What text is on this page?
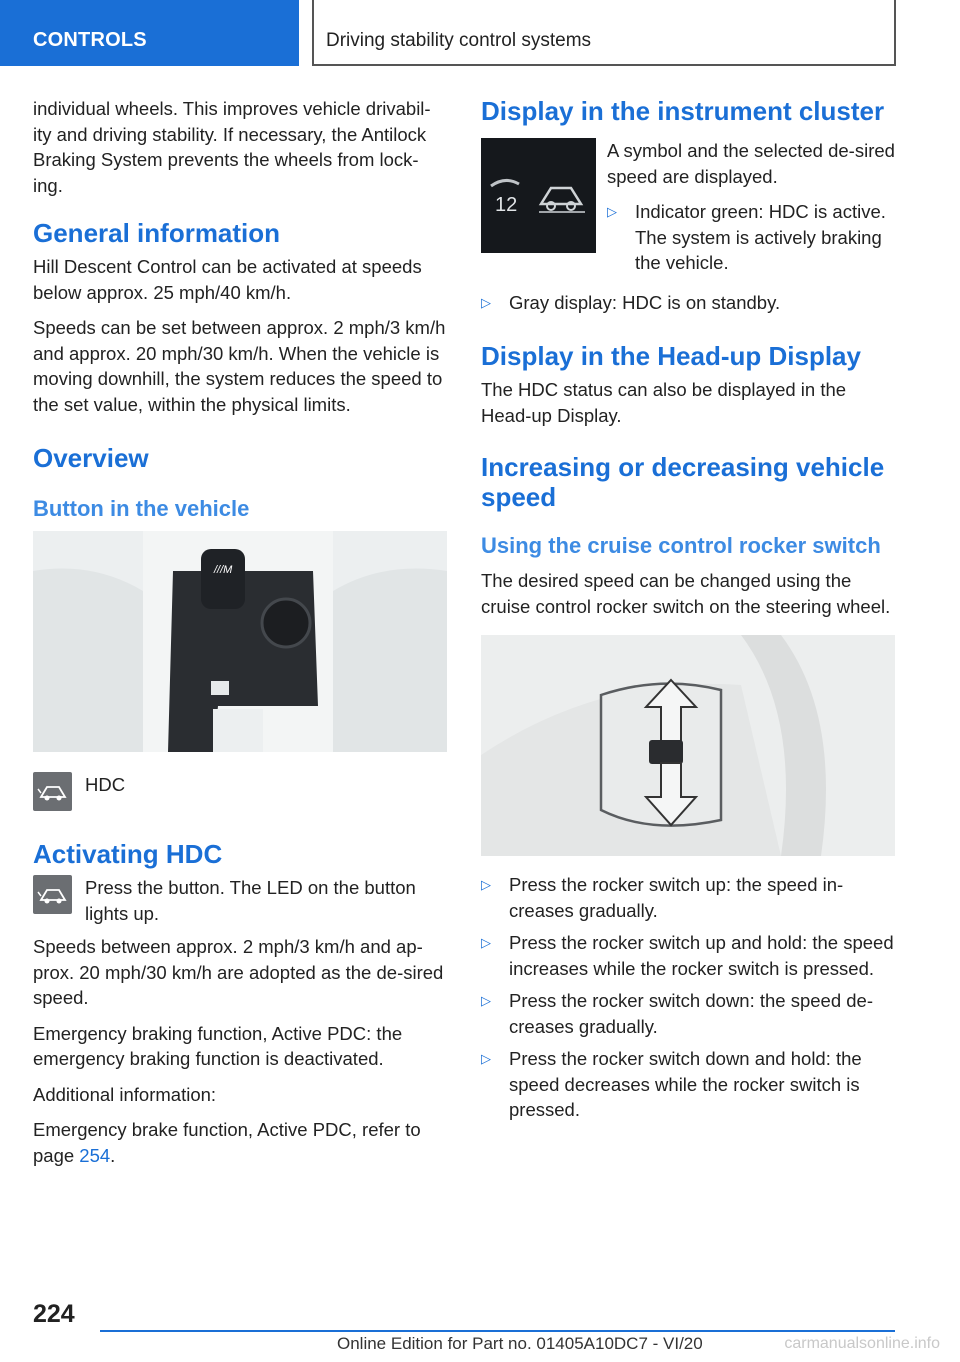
CONTROLS	Driving stability control systems

individual wheels. This improves vehicle drivabil-ity and driving stability. If necessary, the Antilock Braking System prevents the wheels from lock-ing.

General information

Hill Descent Control can be activated at speeds below approx. 25 mph/40 km/h.

Speeds can be set between approx. 2 mph/3 km/h and approx. 20 mph/30 km/h. When the vehicle is moving downhill, the system reduces the speed to the set value, within the physical limits.

Overview
Button in the vehicle
///M
HDC
Activating HDC
Press the button. The LED on the button lights up.

Speeds between approx. 2 mph/3 km/h and ap-prox. 20 mph/30 km/h are adopted as the de-sired speed.

Emergency braking function, Active PDC: the emergency braking function is deactivated.

Additional information:

Emergency brake function, Active PDC, refer to page 254.

Display in the instrument cluster
12

A symbol and the selected de-sired speed are displayed.

▷ Indicator green: HDC is active. The system is actively braking the vehicle.
▷ Gray display: HDC is on standby.
Display in the Head-up Display

The HDC status can also be displayed in the Head-up Display.

Increasing or decreasing vehicle speed
Using the cruise control rocker switch

The desired speed can be changed using the cruise control rocker switch on the steering wheel.

▷ Press the rocker switch up: the speed in-creases gradually.
▷ Press the rocker switch up and hold: the speed increases while the rocker switch is pressed.
▷ Press the rocker switch down: the speed de-creases gradually.
▷ Press the rocker switch down and hold: the speed decreases while the rocker switch is pressed.
224
Online Edition for Part no. 01405A10DC7 - VI/20	carmanualsonline.info
